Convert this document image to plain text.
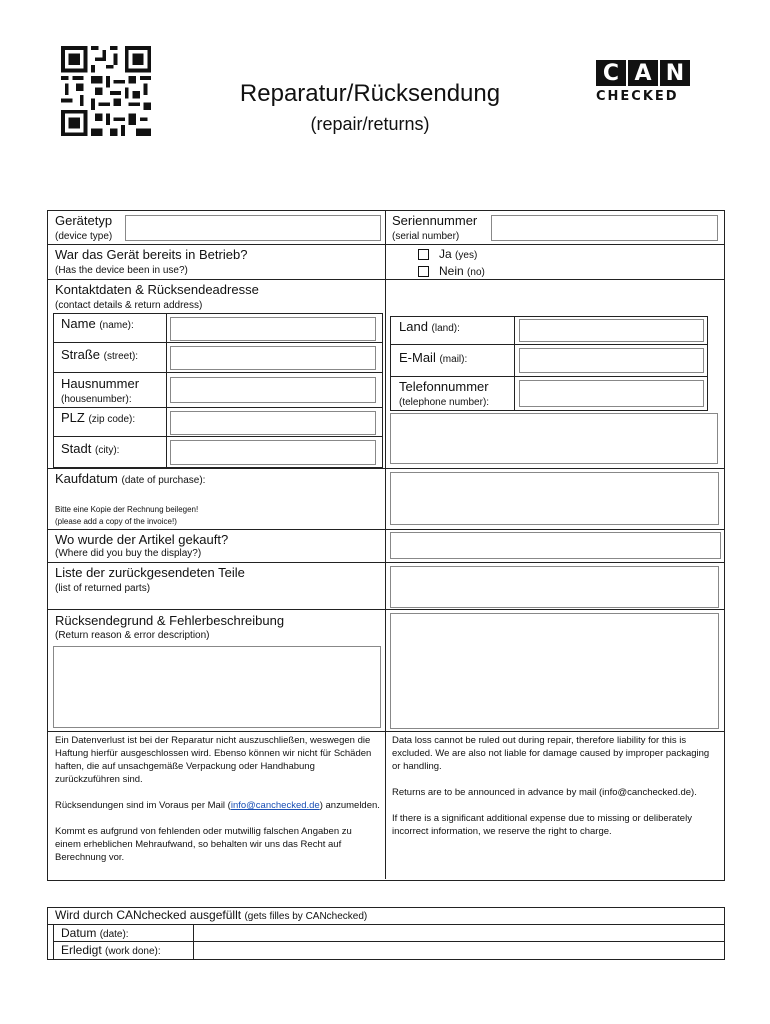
Reparatur/Rücksendung
(repair/returns)
C A N
CHECKED
Gerätetyp
(device type)
Seriennummer
(serial number)
War das Gerät bereits in Betrieb?
(Has the device been in use?)
Ja (yes)
Nein (no)
Kontaktdaten & Rücksendeadresse
(contact details & return address)
Name (name):
Straße (street):
Hausnummer
(housenumber):
PLZ (zip code):
Stadt (city):
Land (land):
E-Mail (mail):
Telefonnummer
(telephone number):
Kaufdatum (date of purchase):
Bitte eine Kopie der Rechnung beilegen!
(please add a copy of the invoice!)
Wo wurde der Artikel gekauft?
(Where did you buy the display?)
Liste der zurückgesendeten Teile
(list of returned parts)
Rücksendegrund & Fehlerbeschreibung
(Return reason & error description)

Ein Datenverlust ist bei der Reparatur nicht auszuschließen, weswegen die Haftung hierfür ausgeschlossen wird. Ebenso können wir nicht für Schäden haften, die auf unsachgemäße Verpackung oder Handhabung zurückzuführen sind.

Rücksendungen sind im Voraus per Mail (info@canchecked.de) anzumelden.

Kommt es aufgrund von fehlenden oder mutwillig falschen Angaben zu einem erheblichen Mehraufwand, so behalten wir uns das Recht auf Berechnung vor.

Data loss cannot be ruled out during repair, therefore liability for this is excluded. We are also not liable for damage caused by improper packaging or handling.

Returns are to be announced in advance by mail (info@canchecked.de).

If there is a significant additional expense due to missing or deliberately incorrect information, we reserve the right to charge.

Wird durch CANchecked ausgefüllt (gets filles by CANchecked)
Datum (date):
Erledigt (work done):
